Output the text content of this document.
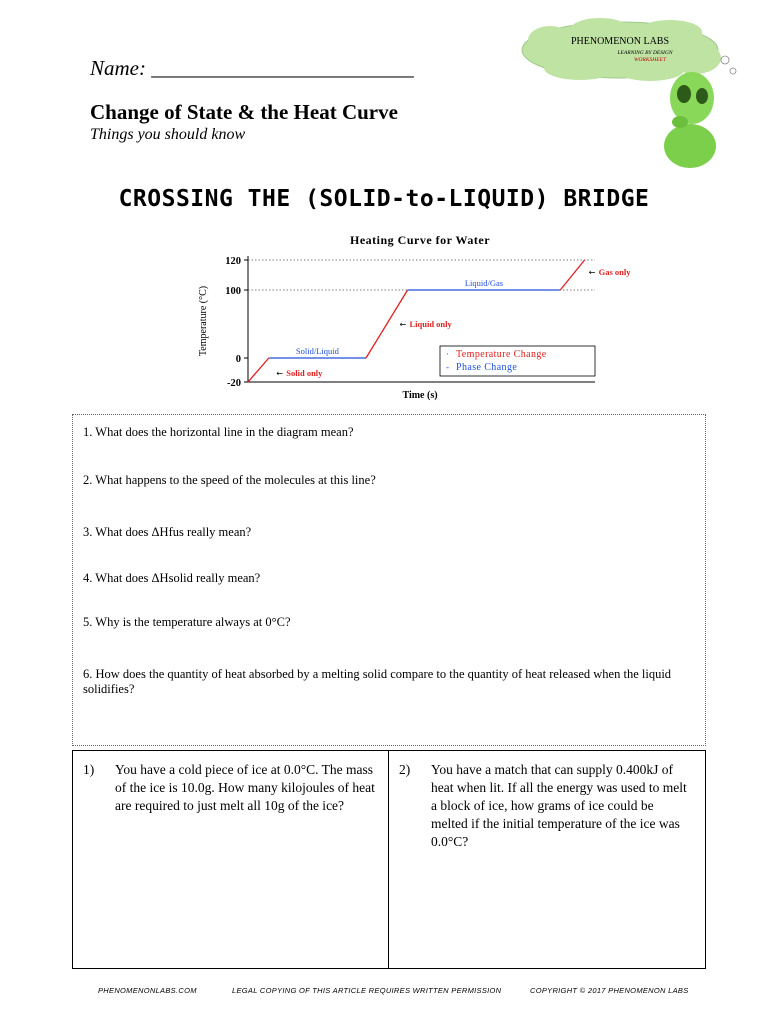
Name: _________________________
Change of State & the Heat Curve
Things you should know
PHENOMENON LABS
LEARNING BY DESIGN
WORKSHEET
CROSSING THE (SOLID-to-LIQUID) BRIDGE
Heating Curve for Water
Temperature (°C)
Time (s)
120
100
0
-20
Solid/Liquid
Liquid/Gas
← Solid only
← Liquid only
← Gas only
· Temperature Change
- Phase Change
1. What does the horizontal line in the diagram mean?
2. What happens to the speed of the molecules at this line?
3. What does ΔHfus really mean?
4. What does ΔHsolid really mean?
5. Why is the temperature always at 0°C?
6. How does the quantity of heat absorbed by a melting solid compare to the quantity of heat released when the liquid solidifies?
1) You have a cold piece of ice at 0.0°C. The mass of the ice is 10.0g. How many kilojoules of heat are required to just melt all 10g of the ice?
2) You have a match that can supply 0.400kJ of heat when lit. If all the energy was used to melt a block of ice, how grams of ice could be melted if the initial temperature of the ice was 0.0°C?
PHENOMENONLABS.COM	LEGAL COPYING OF THIS ARTICLE REQUIRES WRITTEN PERMISSION	COPYRIGHT © 2017 PHENOMENON LABS
